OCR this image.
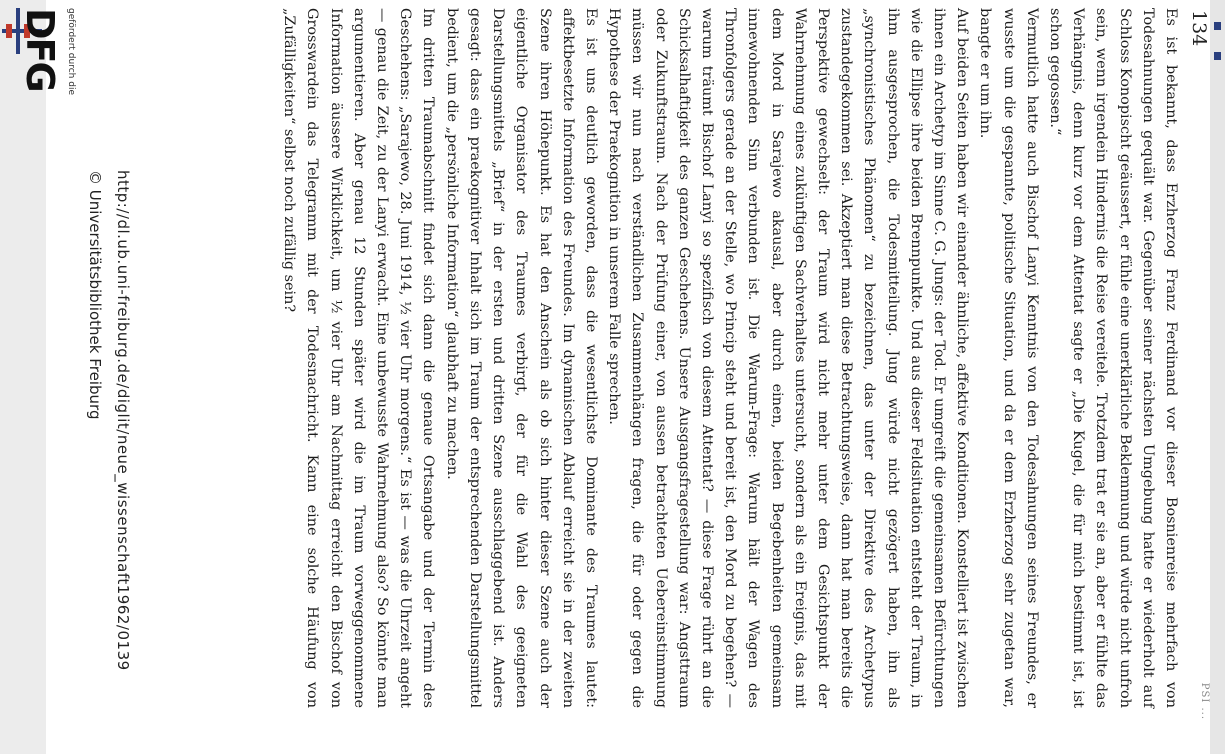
134
PSI ...

Es ist bekannt, dass Erzherzog Franz Ferdinand vor dieser Bosnienreise mehrfach von Todesahnungen gequält war. Gegenüber seiner nächsten Umgebung hatte er wiederholt auf Schloss Konopischt geäussert, er fühle eine unerklärliche Beklemmung und würde nicht unfroh sein, wenn irgendein Hindernis die Reise vereitele. Trotzdem trat er sie an, aber er fühlte das Verhängnis, denn kurz vor dem Attentat sagte er „Die Kugel, die für mich bestimmt ist, ist schon gegossen.“

Vermutlich hatte auch Bischof Lanyi Kenntnis von den Todesahnungen seines Freundes, er wusste um die gespannte, politische Situation, und da er dem Erzherzog sehr zugetan war, bangte er um ihn.

Auf beiden Seiten haben wir einander ähnliche, affektive Konditionen. Konstelliert ist zwischen ihnen ein Archetyp im Sinne C. G. Jungs: der Tod. Er umgreift die gemeinsamen Befürchtungen wie die Ellipse ihre beiden Brennpunkte. Und aus dieser Feldsituation entsteht der Traum, in ihm ausgesprochen, die Todesmitteilung. Jung würde nicht gezögert haben, ihn als „synchronistisches Phänomen“ zu bezeichnen, das unter der Direktive des Archetypus zustandegekommen sei. Akzeptiert man diese Betrachtungsweise, dann hat man bereits die Perspektive gewechselt: der Traum wird nicht mehr unter dem Gesichtspunkt der Wahrnehmung eines zukünftigen Sachverhaltes untersucht, sondern als ein Ereignis, das mit dem Mord in Sarajewo akausal, aber durch einen, beiden Begebenheiten gemeinsam innewohnenden Sinn verbunden ist. Die Warum-Frage: Warum hält der Wagen des Thronfolgers gerade an der Stelle, wo Princip steht und bereit ist, den Mord zu begehen? — warum träumt Bischof Lanyi so spezifisch von diesem Attentat? — diese Frage rührt an die Schicksalhaftigkeit des ganzen Geschehens. Unsere Ausgangsfragestellung war: Angsttraum oder Zukunftstraum. Nach der Prüfung einer, von aussen betrachteten Uebereinstimmung müssen wir nun nach verständlichen Zusammenhängen fragen, die für oder gegen die Hypothese der Praekognition in unserem Falle sprechen.

Es ist uns deutlich geworden, dass die wesentlichste Dominante des Traumes lautet: affektbesetzte Information des Freundes. Im dynamischen Ablauf erreicht sie in der zweiten Szene ihren Höhepunkt. Es hat den Anschein als ob sich hinter dieser Szene auch der eigentliche Organisator des Traumes verbirgt, der für die Wahl des geeigneten Darstellungsmittels „Brief“ in der ersten und dritten Szene ausschlaggebend ist. Anders gesagt: dass ein praekognitiver Inhalt sich im Traum der entsprechenden Darstellungsmittel bedient, um die „persönliche Information“ glaubhaft zu machen.

Im dritten Traumabschnitt findet sich dann die genaue Ortsangabe und der Termin des Geschehens: „Sarajewo, 28. Juni 1914, ½ vier Uhr morgens.“ Es ist — was die Uhrzeit angeht — genau die Zeit, zu der Lanyi erwacht. Eine unbewusste Wahrnehmung also? So könnte man argumentieren. Aber genau 12 Stunden später wird die im Traum vorweggenommene Information äussere Wirklichkeit, um ½ vier Uhr am Nachmittag erreicht den Bischof von Grosswardein das Telegramm mit der Todesnachricht. Kann eine solche Häufung von „Zufälligkeiten“ selbst noch zufällig sein?

http://dl.ub.uni-freiburg.de/diglit/neue_wissenschaft1962/0139
© Universitätsbibliothek Freiburg
gefördert durch die
DFG
